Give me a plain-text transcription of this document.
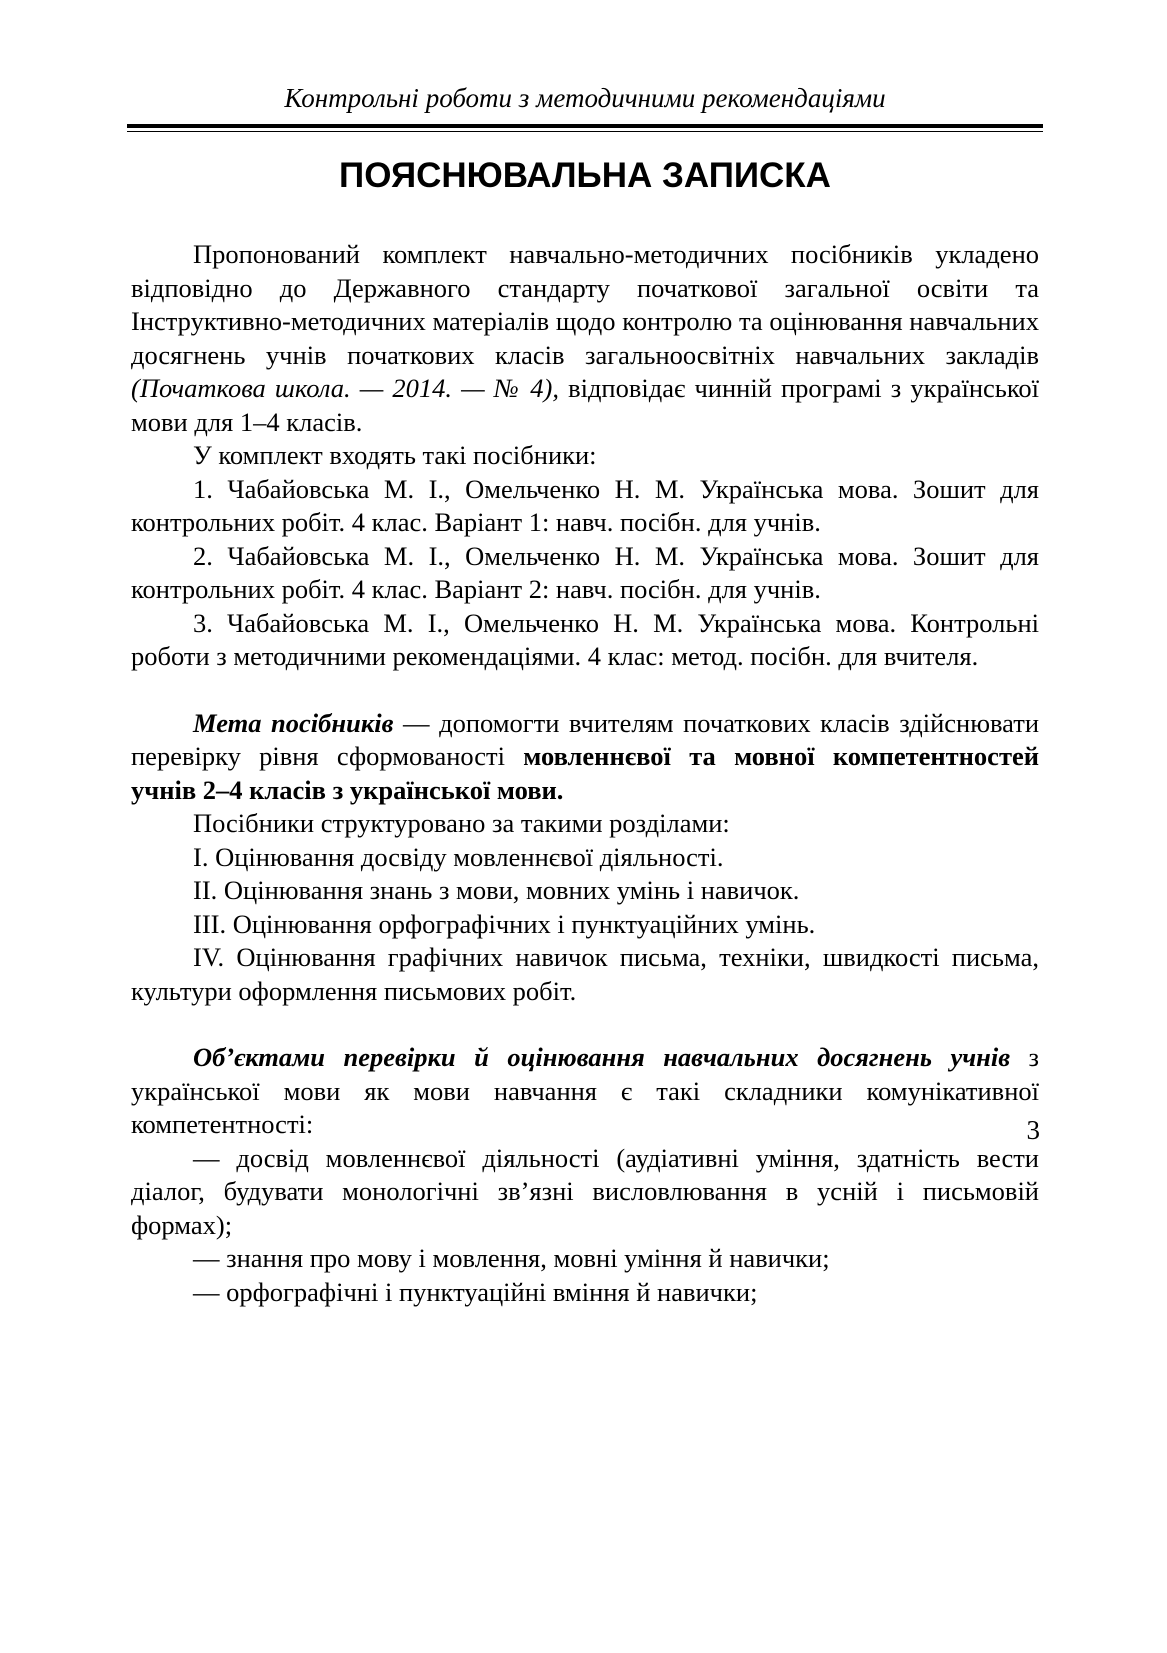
Контрольні роботи з методичними рекомендаціями
ПОЯСНЮВАЛЬНА ЗАПИСКА

Пропонований комплект навчально-методичних посібників укладено відповідно до Державного стандарту початкової загальної освіти та Інструктивно-методичних матеріалів щодо контролю та оцінювання навчальних досягнень учнів початкових класів загальноосвітніх навчальних закладів (Початкова школа. — 2014. — № 4), відповідає чинній програмі з української мови для 1–4 класів.

У комплект входять такі посібники:

1. Чабайовська М. І., Омельченко Н. М. Українська мова. Зошит для контрольних робіт. 4 клас. Варіант 1: навч. посібн. для учнів.

2. Чабайовська М. І., Омельченко Н. М. Українська мова. Зошит для контрольних робіт. 4 клас. Варіант 2: навч. посібн. для учнів.

3. Чабайовська М. І., Омельченко Н. М. Українська мова. Контрольні роботи з методичними рекомендаціями. 4 клас: метод. посібн. для вчителя.

Мета посібників — допомогти вчителям початкових класів здійснювати перевірку рівня сформованості мовленнєвої та мовної компетентностей учнів 2–4 класів з української мови.

Посібники структуровано за такими розділами:

I. Оцінювання досвіду мовленнєвої діяльності.

II. Оцінювання знань з мови, мовних умінь і навичок.

III. Оцінювання орфографічних і пунктуаційних умінь.

IV. Оцінювання графічних навичок письма, техніки, швидкості письма, культури оформлення письмових робіт.

Об’єктами перевірки й оцінювання навчальних досягнень учнів з української мови як мови навчання є такі складники комунікативної компетентності:

— досвід мовленнєвої діяльності (аудіативні уміння, здатність вести діалог, будувати монологічні зв’язні висловлювання в усній і письмовій формах);

— знання про мову і мовлення, мовні уміння й навички;

— орфографічні і пунктуаційні вміння й навички;

3
